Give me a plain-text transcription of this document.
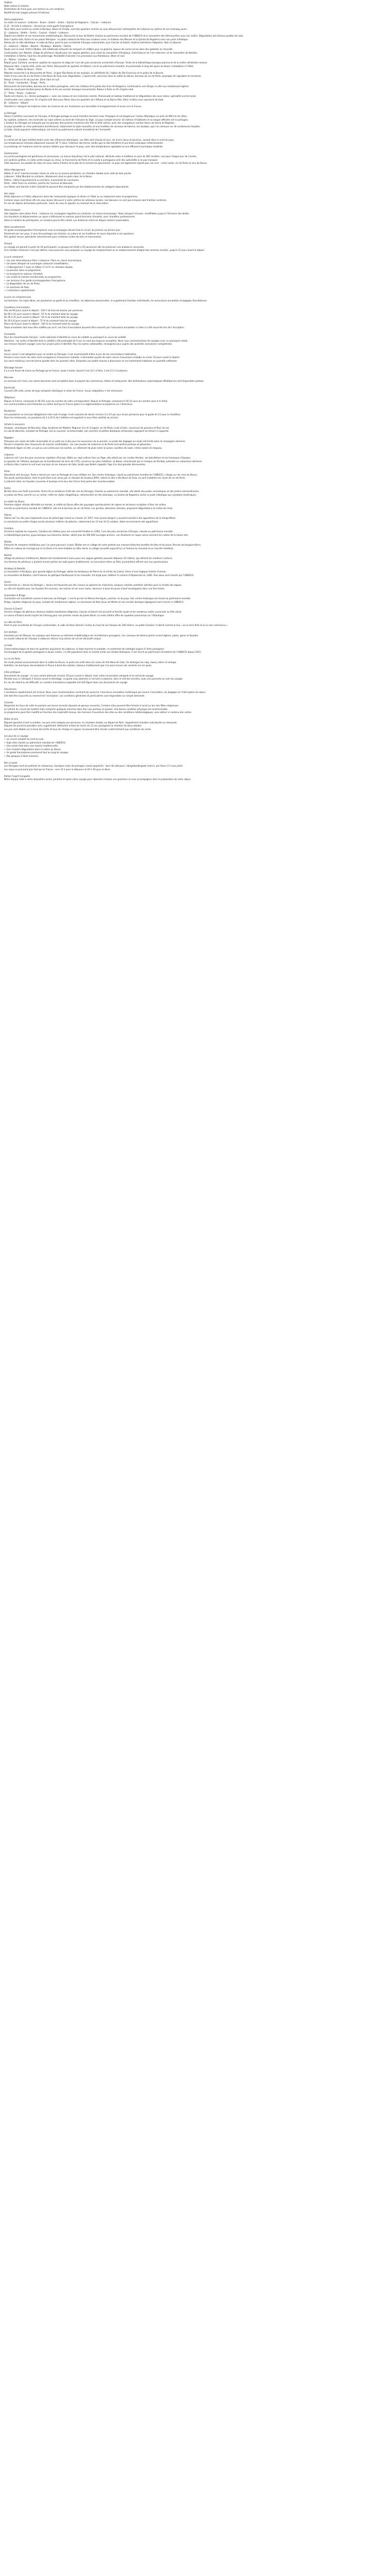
Anglais,
Note culture & histoire,
Destination de choix pour une lectrice ou une amatrice,
Bonifié de trois plages prévues d’intérieur,
Votre programme
Ce matin en avance : Lisbonne – Évora – Estoril – Sintra – Quinta da Regaleira – Cascais – Lisbonne
J1-J2 – Arrivée à Lisbonne – Accueil par votre guide francophone
Vous allez vous rendre au centre historique. Baixa et Chiado, sont des quartiers animés où vous découvrirez l’atmosphère de Lisbonne au rythme de son tramway jaune.
J2 – Lisbonne – Belém – Sintra – Cascais – Estoril – Lisbonne
Départ vers Belém et ses monuments emblématiques. Découvrez la tour de Belém classée au patrimoine mondial de l’UNESCO et le monastère des Hiéronymites avec son cloître. Dégustation des fameux pastéis de nata.
Dans l’après-midi, Sintra et ses palais féériques : le palais national de Pena aux couleurs vives, le château des Maures et la Quinta da Regaleira avec son puits initiatique.
Retour par la côte atlantique, le cabo da Roca, point le plus occidental d’Europe continentale, puis Cascais et Estoril, stations balnéaires élégantes. Nuit à Lisbonne.
J3 – Lisbonne – Óbidos – Nazaré – Alcobaça – Batalha – Fátima
Route vers le nord. Arrêt à Óbidos, cité médiévale entourée de remparts et célèbre pour sa ginjinha, liqueur de cerise servie dans des gobelets en chocolat.
Continuation vers Nazaré, village de pêcheurs réputé pour ses vagues géantes, puis visite du monastère d’Alcobaça, chef-d’œuvre de l’art cistercien, et du monastère de Batalha.
Installation à Fátima, haut lieu de pèlerinage. Possibilité d’assister à la procession aux flambeaux. Dîner et nuit.
J4 – Fátima – Coimbra – Porto
Départ pour Coimbra, ancienne capitale du royaume et siège de l’une des plus anciennes universités d’Europe. Visite de la bibliothèque baroque Joanina et de la vieille cathédrale romane.
Déjeuner libre. L’après-midi, route vers Porto. Découverte du quartier de Ribeira, inscrit au patrimoine mondial, et promenade le long des quais du Douro. Installation à l’hôtel.
J5 – Porto – Vallée du Douro – Porto
Matinée consacrée à la découverte de Porto : la gare São Bento et ses azulejos, la cathédrale Sé, l’église de São Francisco et le palais de la Bourse.
Visite d’une cave de vin de Porto à Vila Nova de Gaia avec dégustation. L’après-midi, excursion dans la vallée du Douro, berceau du vin de Porto, paysages de vignobles en terrasses.
Retour à Porto en fin de journée. Dîner libre et nuit.
J6 – Porto – Guimarães – Braga – Porto
Découverte de Guimarães, berceau de la nation portugaise, avec son château et le palais des ducs de Bragance. Continuation vers Braga, la ville aux nombreuses églises.
Visite du sanctuaire de Bom Jesus do Monte et de son escalier baroque monumental. Retour à Porto en fin d’après-midi.
J7 – Porto – Aveiro – Lisbonne
Route vers Aveiro, la « Venise portugaise », avec ses canaux et ses moliceiros colorés. Promenade en bateau traditionnel et dégustation des ovos moles, spécialité sucrée locale.
Continuation vers Lisbonne. Fin d’après-midi libre pour flâner dans les quartiers de l’Alfama et du Bairro Alto. Dîner d’adieu avec spectacle de fado.
J8 – Lisbonne – Départ
Transfert à l’aéroport de Lisbonne selon les horaires de vol. Assistance aux formalités d’enregistrement et envol vers la France.
Le Portugal
Situé à l’extrême sud-ouest de l’Europe, le Portugal partage sa seule frontière terrestre avec l’Espagne et est baigné par l’océan Atlantique sur près de 900 km de côtes.
Sa capitale, Lisbonne, est construite sur sept collines au bord de l’estuaire du Tage. Le pays compte environ 10 millions d’habitants et sa langue officielle est le portugais.
L’histoire du Portugal est marquée par les grandes découvertes maritimes des XVe et XVIe siècles, avec des navigateurs comme Vasco de Gama et Magellan.
Le pays possède un riche patrimoine architectural, notamment le style manuélin, et une tradition de carreaux de faïence, les azulejos, que l’on retrouve sur de nombreuses façades.
Le fado, chant populaire mélancolique, est inscrit au patrimoine culturel immatériel de l’humanité.
Climat
Le climat est de type méditerranéen avec des influences atlantiques. Les étés sont chauds et secs, les hivers doux et pluvieux, surtout dans le nord du pays.
Les températures estivales dépassent souvent 30 °C dans l’intérieur des terres, tandis que la côte bénéficie d’une brise océanique rafraîchissante.
Le printemps et l’automne sont les saisons idéales pour découvrir le pays, avec des températures agréables et une affluence touristique modérée.
Gastronomie
La cuisine portugaise est généreuse et savoureuse. La morue (bacalhau) est le plat national, déclinée selon la tradition en plus de 365 recettes, une pour chaque jour de l’année.
Les sardines grillées, le caldo verde (soupe au chou), la francesinha de Porto et le cozido à portuguesa sont des spécialités à ne pas manquer.
Côté douceurs, les pastéis de nata, les ovos moles d’Aveiro et le pão de ló raviront les gourmands. Le pays est également réputé pour ses vins : vinho verde, vin de Porto et vins du Douro.
Votre hébergement
Hôtels 3* et 4* (normes locales) situés en ville ou en proche périphérie, en chambre double avec salle de bain privée.
Lisbonne : hôtel Mundial ou similaire, idéalement situé en plein cœur de la Baixa.
Fátima : hôtel Cinquentenário ou similaire, à proximité du sanctuaire.
Porto : hôtel Fenix ou similaire, proche de l’avenue de Boavista.
Les hôtels sont donnés à titre indicatif et peuvent être remplacés par des établissements de catégorie équivalente.
Vos repas
Petits déjeuners à l’hôtel, déjeuners dans des restaurants typiques et dîners à l’hôtel ou au restaurant selon le programme.
Certains repas sont libres afin de vous laisser découvrir à votre rythme les adresses locales. Les boissons ne sont pas incluses sauf mention contraire.
En cas de régime alimentaire particulier, merci de nous le signaler au moment de la réservation.
Votre transport
Vols réguliers aller-retour Paris – Lisbonne sur compagnie régulière (ou similaire), en classe économique. Taxes aéroport incluses, modifiables jusqu’à l’émission des billets.
Les transferts et déplacements sur place s’effectuent en autocar grand tourisme climatisé, avec chauffeur professionnel.
Selon le nombre de participants, un minibus pourra être utilisé. Les distances entre les étapes restent raisonnables.
Votre encadrement
Un guide accompagnateur francophone vous accompagne durant tout le circuit, du premier au dernier jour.
Passionné par son pays, il vous fera partager son histoire, sa culture et ses traditions et saura répondre à vos questions.
Des guides locaux spécialisés interviennent pour certaines visites de sites et monuments.
Groupe
Le voyage est garanti à partir de 10 participants. Le groupe est limité à 25 personnes afin de préserver une ambiance conviviale.
Si le nombre minimum n’est pas atteint, nous pourrons vous proposer un voyage de remplacement ou le remboursement intégral des sommes versées, jusqu’à 21 jours avant le départ.
Le prix comprend
• Les vols internationaux Paris / Lisbonne / Paris en classe économique,
• Les taxes aéroport et surcharges carburant (modifiables),
• L’hébergement 7 nuits en hôtels 3* et 4* en chambre double,
• La pension selon le programme,
• Le transport en autocar climatisé,
• Les visites et entrées mentionnées au programme,
• Les services d’un guide accompagnateur francophone,
• La dégustation de vin de Porto,
• Le spectacle de fado,
• L’assistance rapatriement.
Le prix ne comprend pas
Les boissons, les repas libres, les pourboires au guide et au chauffeur, les dépenses personnelles, le supplément chambre individuelle, les assurances annulation et bagages (facultatives).
Conditions d’annulation
Plus de 60 jours avant le départ : 150 € de frais de dossier par personne.
De 60 à 31 jours avant le départ : 25 % du montant total du voyage.
De 30 à 21 jours avant le départ : 50 % du montant total du voyage.
De 20 à 8 jours avant le départ : 75 % du montant total du voyage.
Moins de 8 jours avant le départ : 100 % du montant total du voyage.
Toute annulation doit nous être notifiée par écrit. Les frais d’annulation peuvent être couverts par l’assurance annulation si celle-ci a été souscrite lors de l’inscription.
Formalités
Pour les ressortissants français : carte nationale d’identité en cours de validité ou passeport en cours de validité.
Attention : les cartes d’identité dont la validité a été prolongée de 5 ans ne sont pas toujours acceptées. Nous vous recommandons de voyager avec un passeport valide.
Les mineurs doivent voyager avec leur propre pièce d’identité. Pour les autres nationalités, renseignez-vous auprès des autorités consulaires compétentes.
Santé
Aucun vaccin n’est obligatoire pour se rendre au Portugal. Il est recommandé d’être à jour de ses vaccinations habituelles.
Pensez à vous munir de votre carte européenne d’assurance maladie, à demander auprès de votre caisse d’assurance maladie au moins 15 jours avant le départ.
Les soins médicaux sont de bonne qualité dans les grandes villes. Emportez une petite trousse à pharmacie et vos traitements habituels en quantité suffisante.
Décalage horaire
Il y a une heure de moins au Portugal qu’en France, toute l’année. Quand il est 12 h à Paris, il est 11 h à Lisbonne.
Monnaie
La monnaie est l’euro. Les cartes bancaires sont acceptées dans la plupart des commerces, hôtels et restaurants. Des distributeurs automatiques (Multibanco) sont disponibles partout.
Électricité
Courant 230 volts, prises de type européen identiques à celles de France. Aucun adaptateur n’est nécessaire.
Téléphone
Depuis la France, composez le 00 351 suivi du numéro de votre correspondant. Depuis le Portugal, composez le 00 33 suivi du numéro sans le 0 initial.
Les communications sont facturées au même tarif qu’en France grâce à la réglementation européenne sur l’itinérance.
Pourboires
Les pourboires ne sont pas obligatoires mais sont d’usage. Il est coutume de laisser environ 3 à 4 € par jour et par personne pour le guide et 2 € pour le chauffeur.
Dans les restaurants, un pourboire de 5 à 10 % de l’addition est apprécié si vous êtes satisfait du service.
Achats & souvenirs
Azulejos, céramiques de Barcelos, liège, broderies de Madère, filigrane d’or et d’argent, vin de Porto, huile d’olive, conserves de poissons et fleur de sel.
Le coq de Barcelos, symbole du Portugal, est un souvenir incontournable. Les marchés et petites boutiques artisanales regorgent de trésors à rapporter.
Bagages
Prévoyez une valise de taille raisonnable et un petit sac à dos pour les excursions de la journée. Le poids des bagages en soute est limité selon la compagnie aérienne.
Pensez à emporter des chaussures de marche confortables : les rues pavées de Lisbonne et de Porto sont parfois pentues et glissantes.
Vêtements légers en été, un pull ou une veste pour les soirées, un vêtement de pluie selon la saison, lunettes de soleil, crème solaire et chapeau.
Lisbonne
Lisbonne est l’une des plus anciennes capitales d’Europe. Bâtie sur sept collines face au Tage, elle séduit par ses ruelles étroites, ses belvédères et ses tramways d’époque.
Le quartier de l’Alfama, épargné par le tremblement de terre de 1755, conserve son plan médiéval. La Baixa, reconstruite par le marquis de Pombal, présente un urbanisme rationnel.
Le Bairro Alto s’anime la nuit avec ses bars et ses maisons de fado, tandis que Belém rappelle l’âge d’or des grandes découvertes.
Porto
Deuxième ville du pays, Porto a donné son nom au Portugal et à son célèbre vin. Son centre historique, classé au patrimoine mondial de l’UNESCO, s’étage sur les rives du Douro.
Ses ponts spectaculaires, dont le pont Dom-Luís conçu par un disciple de Gustave Eiffel, relient la ville à Vila Nova de Gaia, où sont installées les caves de vin de Porto.
La librairie Lello, les façades couvertes d’azulejos et la tour des Clercs font partie des incontournables.
Sintra
Nichée dans une forêt luxuriante, Sintra fut la résidence d’été des rois du Portugal. Classée au patrimoine mondial, elle abrite des palais romantiques et des jardins extraordinaires.
Le palais de Pena, perché sur un rocher, mêle les styles néogothique, néomanuélin et néo-islamique. La Quinta da Regaleira cache un puits initiatique aux symboles ésotériques.
La vallée du Douro
Première région viticole délimitée au monde, la vallée du Douro offre des paysages spectaculaires de vignes en terrasses sculptées à flanc de colline.
Inscrite au patrimoine mondial de l’UNESCO, elle est le berceau du vin de Porto. Les quintas, domaines viticoles, proposent dégustations et visites de chais.
Fátima
Fátima est l’un des plus importants lieux de pèlerinage marial au monde. En 1917, trois jeunes bergers y auraient assisté à des apparitions de la Vierge Marie.
Le sanctuaire accueille chaque année plusieurs millions de pèlerins, notamment les 13 mai et 13 octobre, dates anniversaires des apparitions.
Coimbra
Ancienne capitale du royaume, Coimbra est célèbre pour son université fondée en 1290, l’une des plus anciennes d’Europe, classée au patrimoine mondial.
La bibliothèque Joanina, joyau baroque aux boiseries dorées, abrite plus de 200 000 ouvrages anciens. Les étudiants en capes noires animent les ruelles de la haute ville.
Óbidos
Entourée de remparts médiévaux que l’on peut parcourir à pied, Óbidos est un village de carte postale aux maisons blanches bordées de bleu et de jaune, fleuries de bougainvilliers.
Offert en cadeau de mariage par le roi Denis à la reine Isabelle au XIIIe siècle, le village accueille aujourd’hui un festival du chocolat et un marché médiéval.
Nazaré
Village de pêcheurs traditionnel, Nazaré est mondialement connu pour ses vagues géantes pouvant dépasser 25 mètres, qui attirent les meilleurs surfeurs.
Les femmes de pêcheurs y portent encore parfois les sept jupons traditionnels. Le funiculaire mène au Sítio, promontoire offrant une vue spectaculaire.
Alcobaça & Batalha
Le monastère d’Alcobaça, plus grande église du Portugal, abrite les tombeaux de Pierre Ier et d’Inès de Castro, héros d’une tragique histoire d’amour.
Le monastère de Batalha, chef-d’œuvre du gothique flamboyant et du manuélin, fut érigé pour célébrer la victoire d’Aljubarrota en 1385. Tous deux sont classés par l’UNESCO.
Aveiro
Surnommée la « Venise du Portugal », Aveiro est traversée par des canaux où glissent les moliceiros, barques colorées autrefois utilisées pour la récolte des algues.
La ville est réputée pour ses façades Art nouveau, ses salines et ses ovos moles, douceurs à base de jaune d’œuf enveloppées dans une fine hostie.
Guimarães & Braga
Guimarães est considérée comme le berceau du Portugal : c’est là qu’est né Afonso Henriques, premier roi du pays. Son centre historique est classé au patrimoine mondial.
Braga, capitale religieuse du pays, compte de nombreuses églises. Le sanctuaire de Bom Jesus do Monte et son escalier baroque zigzaguant sont inscrits à l’UNESCO.
Cascais & Estoril
Anciens villages de pêcheurs devenus stations balnéaires élégantes, Cascais et Estoril ont accueilli la famille royale et de nombreux exilés couronnés au XXe siècle.
Le casino d’Estoril aurait inspiré Ian Fleming pour son premier roman de James Bond. La route côtière offre de superbes panoramas sur l’Atlantique.
Le cabo da Roca
Point le plus occidental de l’Europe continentale, le cabo da Roca domine l’océan du haut de ses falaises de 140 mètres. Le poète Camões l’a décrit comme le lieu « où la terre finit et où la mer commence ».
Les azulejos
Introduits par les Maures, les azulejos sont devenus un élément emblématique de l’architecture portugaise. Ces carreaux de faïence peints ornent églises, palais, gares et façades.
Le musée national de l’Azulejo à Lisbonne retrace cinq siècles de cet art décoratif unique.
Le fado
Chant mélancolique né dans les quartiers populaires de Lisbonne, le fado exprime la saudade, ce sentiment de nostalgie propre à l’âme portugaise.
Accompagné de la guitare portugaise à douze cordes, il a été popularisé dans le monde entier par Amália Rodrigues. Il est inscrit au patrimoine immatériel de l’UNESCO depuis 2011.
Le vin de Porto
Vin muté produit exclusivement dans la vallée du Douro, le porto est vieilli dans les caves de Vila Nova de Gaia. On distingue les ruby, tawny, blanc et vintage.
Autrefois, les barriques descendaient le fleuve à bord des rabelos, bateaux traditionnels que l’on peut encore voir amarrés sur les quais.
Infos pratiques
Documents de voyage : ils vous seront adressés environ 10 jours avant le départ, avec votre convocation aéroport et le carnet de voyage.
Rendez-vous à l’aéroport 2 heures avant le décollage. Le guide vous attendra à l’arrivée à Lisbonne, dans le hall des arrivées, avec une pancarte au nom du voyage.
En cas de retard ou de difficulté, un numéro d’assistance joignable 24 h/24 figure dans vos documents de voyage.
Assurances
L’assistance rapatriement est incluse. Nous vous recommandons vivement de souscrire l’assurance annulation multirisque qui couvre l’annulation, les bagages et l’interruption de séjour.
Elle doit être souscrite au moment de l’inscription. Les conditions générales et particulières sont disponibles sur simple demande.
Conseils
Respectez les lieux de culte en portant une tenue correcte (épaules et genoux couverts). Certains sites peuvent être fermés le lundi ou lors des fêtes religieuses.
Le rythme du circuit est modéré mais comporte quelques marches dans des rues pentues et pavées. Une bonne condition physique est recommandée.
Le programme peut être modifié en fonction des impératifs locaux, des horaires d’ouverture des sites ou des conditions météorologiques, sans altérer le contenu des visites.
Dates et prix
Départs garantis d’avril à octobre. Les prix sont indiqués par personne, en chambre double, au départ de Paris. Supplément chambre individuelle sur demande.
Départs de province possibles avec supplément. Réduction enfant de moins de 12 ans partageant la chambre de deux adultes.
Les prix sont établis sur la base des tarifs et taux de change en vigueur et peuvent être révisés conformément aux conditions de vente.
Les plus de ce voyage
• Un circuit complet du nord au sud,
• Sept sites classés au patrimoine mondial de l’UNESCO,
• Une soirée fado dans une maison traditionnelle,
• Une croisière-dégustation dans la vallée du Douro,
• Un guide francophone passionné tout au long du voyage,
• Des groupes à taille humaine.
Bon à savoir
Les Portugais sont accueillants et chaleureux. Quelques mots de portugais seront appréciés : bom dia (bonjour), obrigado/obrigada (merci), por favor (s’il vous plaît).
Les repas se prennent plus tard qu’en France : vers 13 h pour le déjeuner et 20 h 30 pour le dîner.
Partez l’esprit tranquille
Notre équipe reste à votre disposition avant, pendant et après votre voyage pour répondre à toutes vos questions et vous accompagner dans la préparation de votre séjour.
